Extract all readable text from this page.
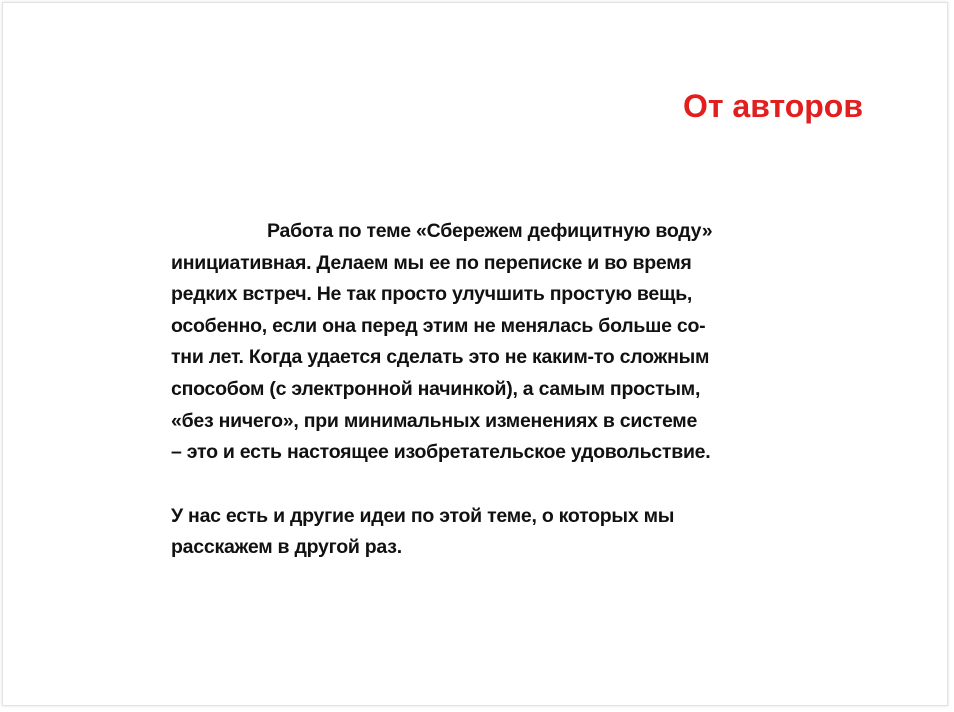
От авторов

Работа по теме «Сбережем дефицитную воду»
инициативная. Делаем мы ее по переписке и во время
редких встреч. Не так просто улучшить простую вещь,
особенно, если она перед этим не менялась больше со-
тни лет. Когда удается сделать это не каким-то сложным
способом (с электронной начинкой), а самым простым,
«без ничего», при минимальных изменениях в системе
– это и есть настоящее изобретательское удовольствие.

У нас есть и другие идеи по этой теме, о которых мы
расскажем в другой раз.
